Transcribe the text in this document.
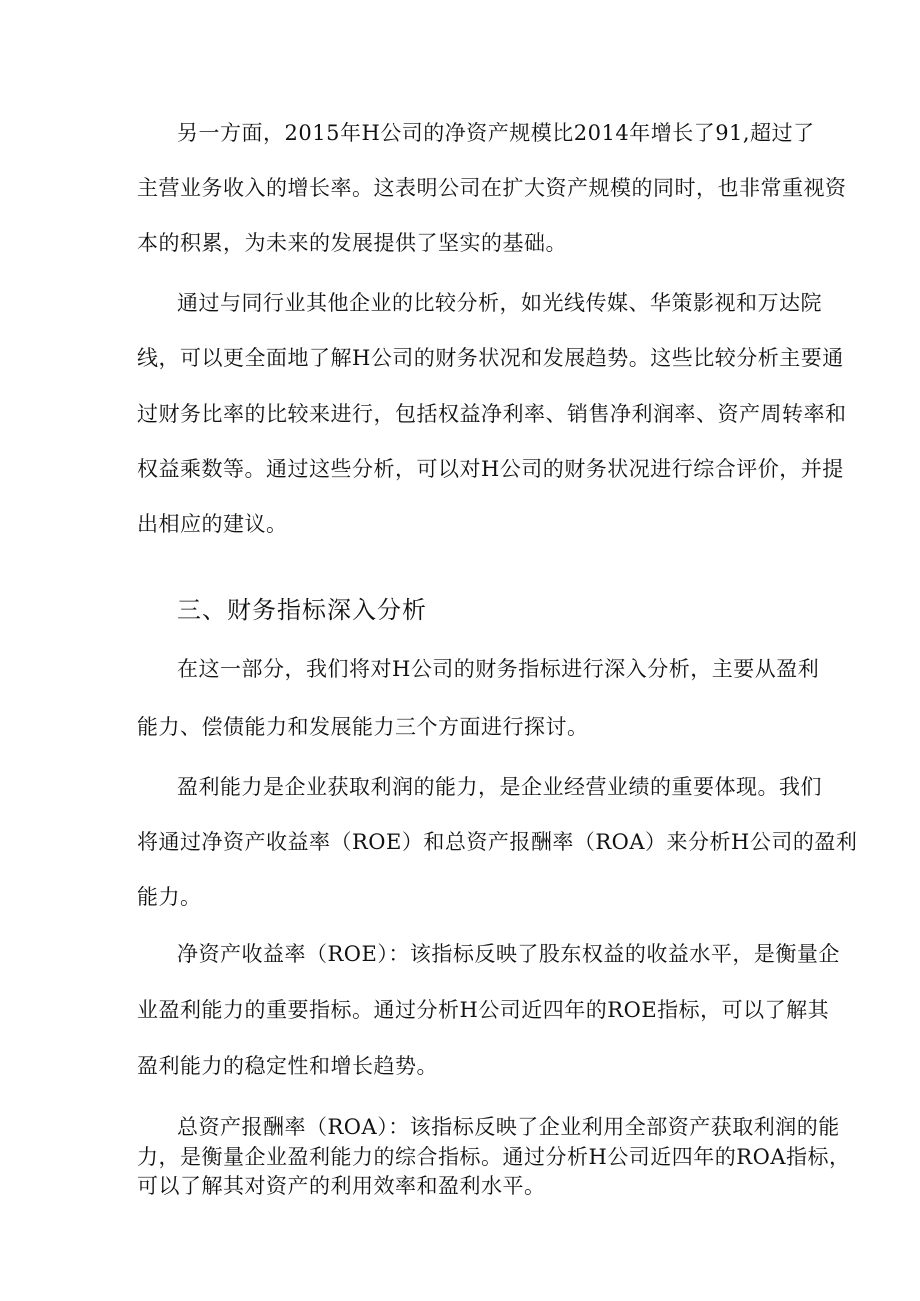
另一方面，2015年H公司的净资产规模比2014年增长了91,超过了
主营业务收入的增长率。这表明公司在扩大资产规模的同时，也非常重视资
本的积累，为未来的发展提供了坚实的基础。
通过与同行业其他企业的比较分析，如光线传媒、华策影视和万达院
线，可以更全面地了解H公司的财务状况和发展趋势。这些比较分析主要通
过财务比率的比较来进行，包括权益净利率、销售净利润率、资产周转率和
权益乘数等。通过这些分析，可以对H公司的财务状况进行综合评价，并提
出相应的建议。
三、财务指标深入分析
在这一部分，我们将对H公司的财务指标进行深入分析，主要从盈利
能力、偿债能力和发展能力三个方面进行探讨。
盈利能力是企业获取利润的能力，是企业经营业绩的重要体现。我们
将通过净资产收益率（ROE）和总资产报酬率（ROA）来分析H公司的盈利
能力。
净资产收益率（ROE）：该指标反映了股东权益的收益水平，是衡量企
业盈利能力的重要指标。通过分析H公司近四年的ROE指标，可以了解其
盈利能力的稳定性和增长趋势。
总资产报酬率（ROA）：该指标反映了企业利用全部资产获取利润的能
力，是衡量企业盈利能力的综合指标。通过分析H公司近四年的ROA指标，
可以了解其对资产的利用效率和盈利水平。
